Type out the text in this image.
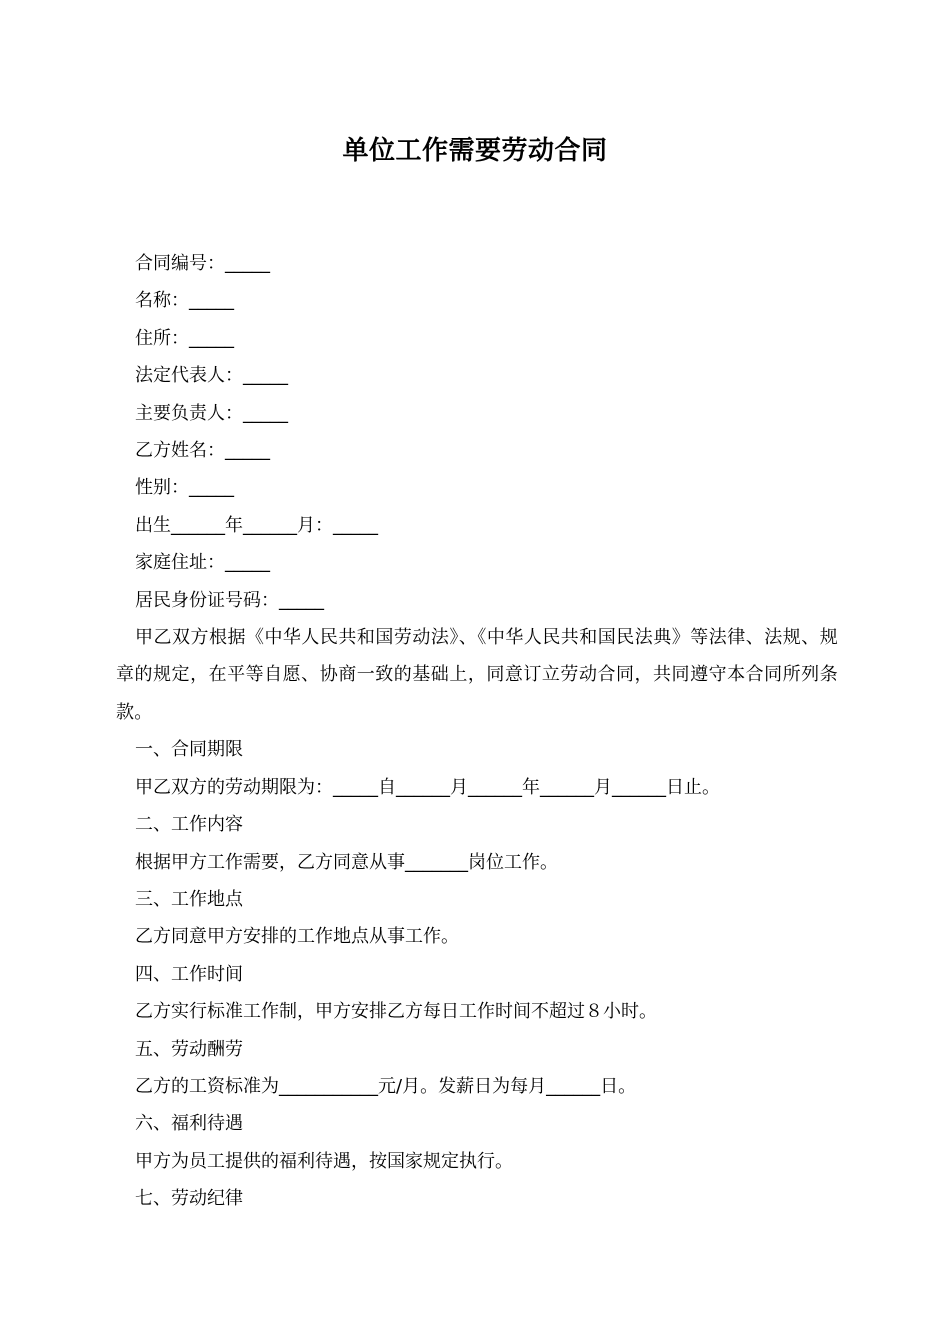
单位工作需要劳动合同

合同编号：_____

名称：_____

住所：_____

法定代表人：_____

主要负责人：_____

乙方姓名：_____

性别：_____

出生______年______月：_____

家庭住址：_____

居民身份证号码：_____

甲乙双方根据《中华人民共和国劳动法》、《中华人民共和国民法典》等法律、法规、规章的规定，在平等自愿、协商一致的基础上，同意订立劳动合同，共同遵守本合同所列条款。

一、合同期限

甲乙双方的劳动期限为：_____自______月______年______月______日止。

二、工作内容

根据甲方工作需要，乙方同意从事_______岗位工作。

三、工作地点

乙方同意甲方安排的工作地点从事工作。

四、工作时间

乙方实行标准工作制，甲方安排乙方每日工作时间不超过８小时。

五、劳动酬劳

乙方的工资标准为___________元/月。发薪日为每月______日。

六、福利待遇

甲方为员工提供的福利待遇，按国家规定执行。

七、劳动纪律
